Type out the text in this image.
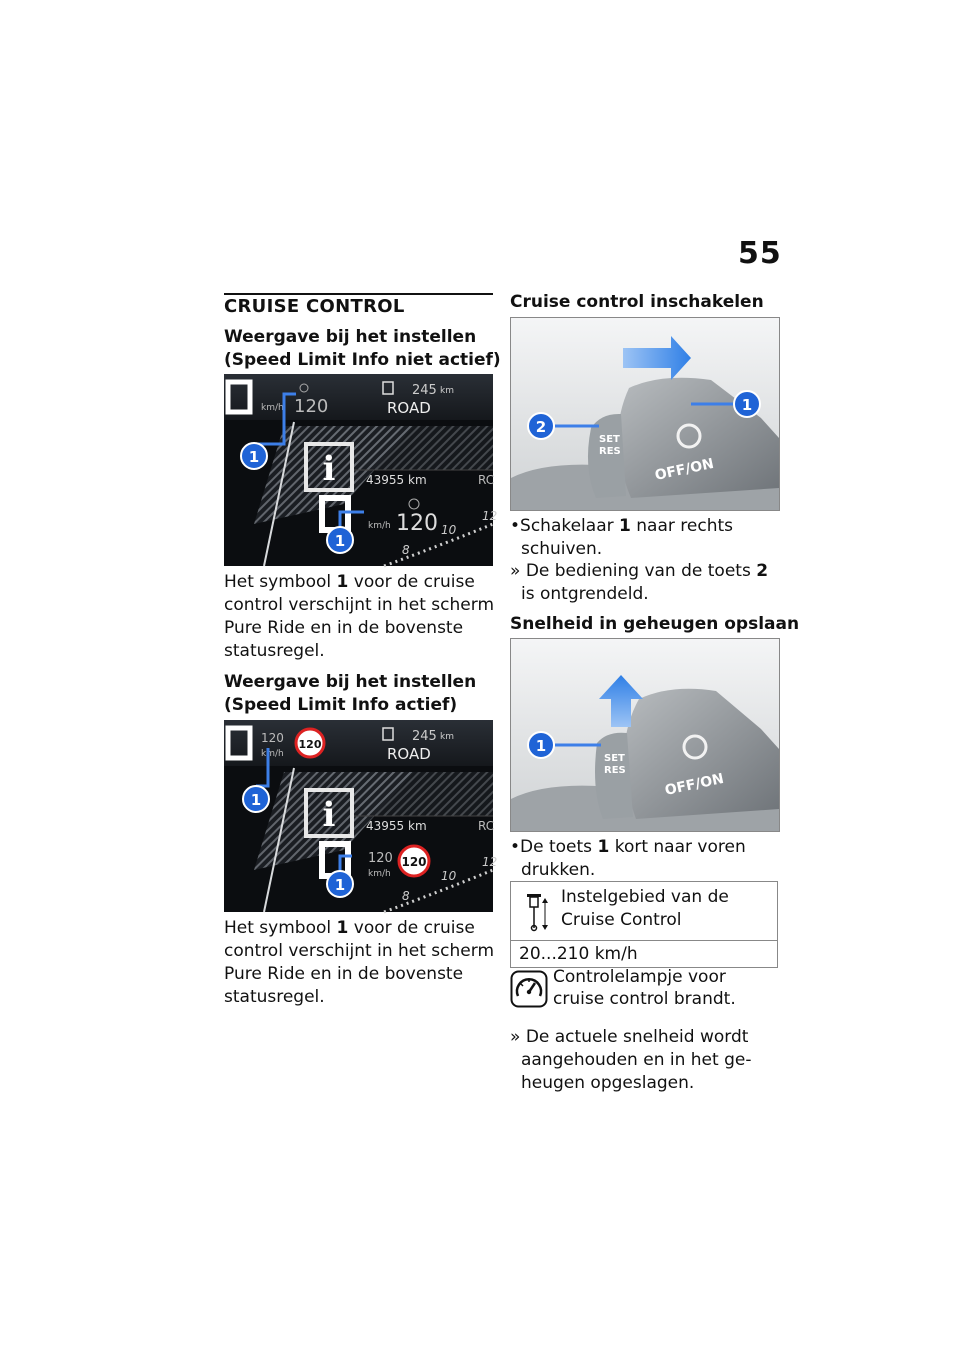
55
CRUISE CONTROL
Weergave bij het instellen
(Speed Limit Info niet actief)
km/h 120
245 km
ROAD
i	43955 km	RC
km/h 120 10
12
8
1
1
Het symbool 1 voor de cruise
control verschijnt in het scherm
Pure Ride en in de bovenste
statusregel.
Weergave bij het instellen
(Speed Limit Info actief)
120
km/h
120
245 km
ROAD
i	43955 km	RC
120
km/h
120
10
12
8
1
1
Het symbool 1 voor de cruise
control verschijnt in het scherm
Pure Ride en in de bovenste
statusregel.
Cruise control inschakelen
SET
RES
OFF/ON
2
1
•Schakelaar 1 naar rechts
schuiven.
» De bediening van de toets 2
is ontgrendeld.
Snelheid in geheugen opslaan
SET
RES
OFF/ON
1
•De toets 1 kort naar voren
drukken.
Instelgebied van de
Cruise Control
20...210 km/h
Controlelampje voor
cruise control brandt.
» De actuele snelheid wordt
aangehouden en in het ge-
heugen opgeslagen.
